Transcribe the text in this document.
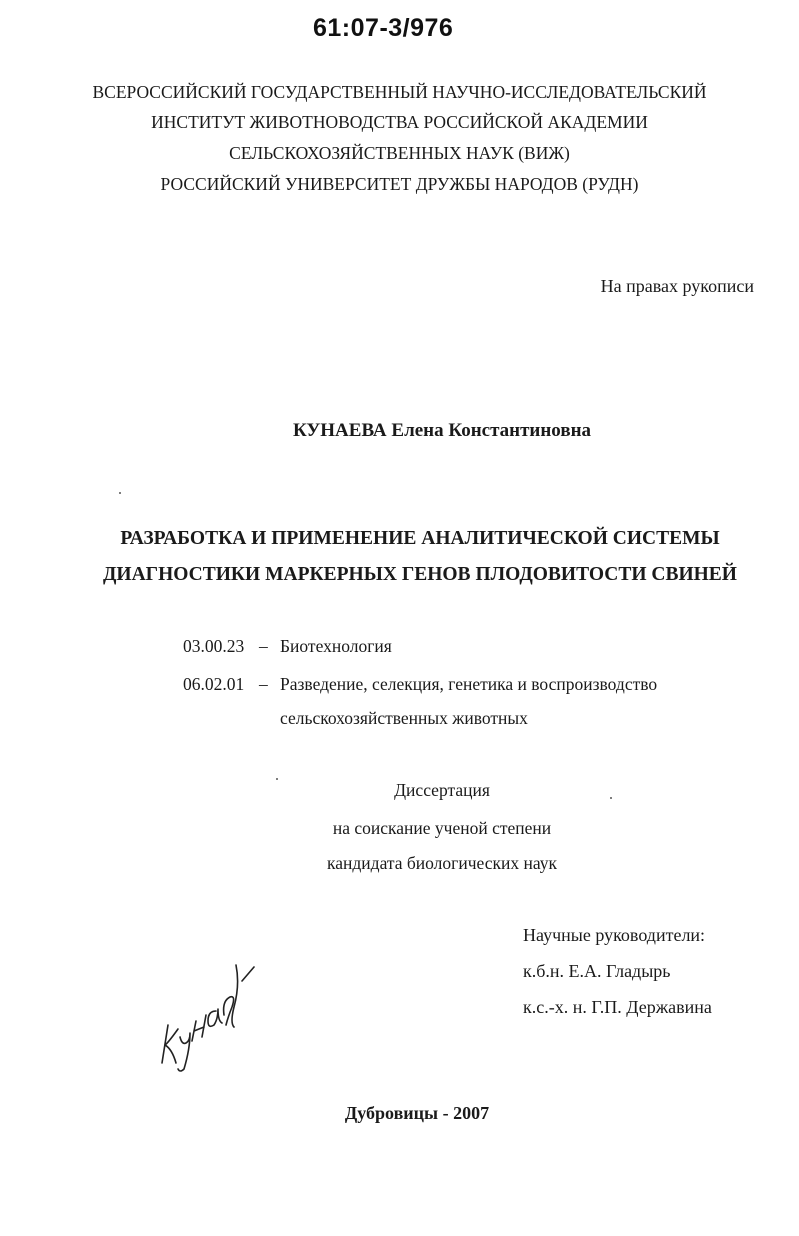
61:07-3/976
ВСЕРОССИЙСКИЙ ГОСУДАРСТВЕННЫЙ НАУЧНО-ИССЛЕДОВАТЕЛЬСКИЙ
ИНСТИТУТ ЖИВОТНОВОДСТВА РОССИЙСКОЙ АКАДЕМИИ
СЕЛЬСКОХОЗЯЙСТВЕННЫХ НАУК (ВИЖ)
РОССИЙСКИЙ УНИВЕРСИТЕТ ДРУЖБЫ НАРОДОВ (РУДН)
На правах рукописи
КУНАЕВА Елена Константиновна
РАЗРАБОТКА И ПРИМЕНЕНИЕ АНАЛИТИЧЕСКОЙ СИСТЕМЫ
ДИАГНОСТИКИ МАРКЕРНЫХ ГЕНОВ ПЛОДОВИТОСТИ СВИНЕЙ
03.00.23 – Биотехнология
06.02.01 – Разведение, селекция, генетика и воспроизводство
сельскохозяйственных животных
Диссертация
на соискание ученой степени
кандидата биологических наук
Научные руководители:
к.б.н. Е.А. Гладырь
к.с.-х. н. Г.П. Державина
Дубровицы - 2007
